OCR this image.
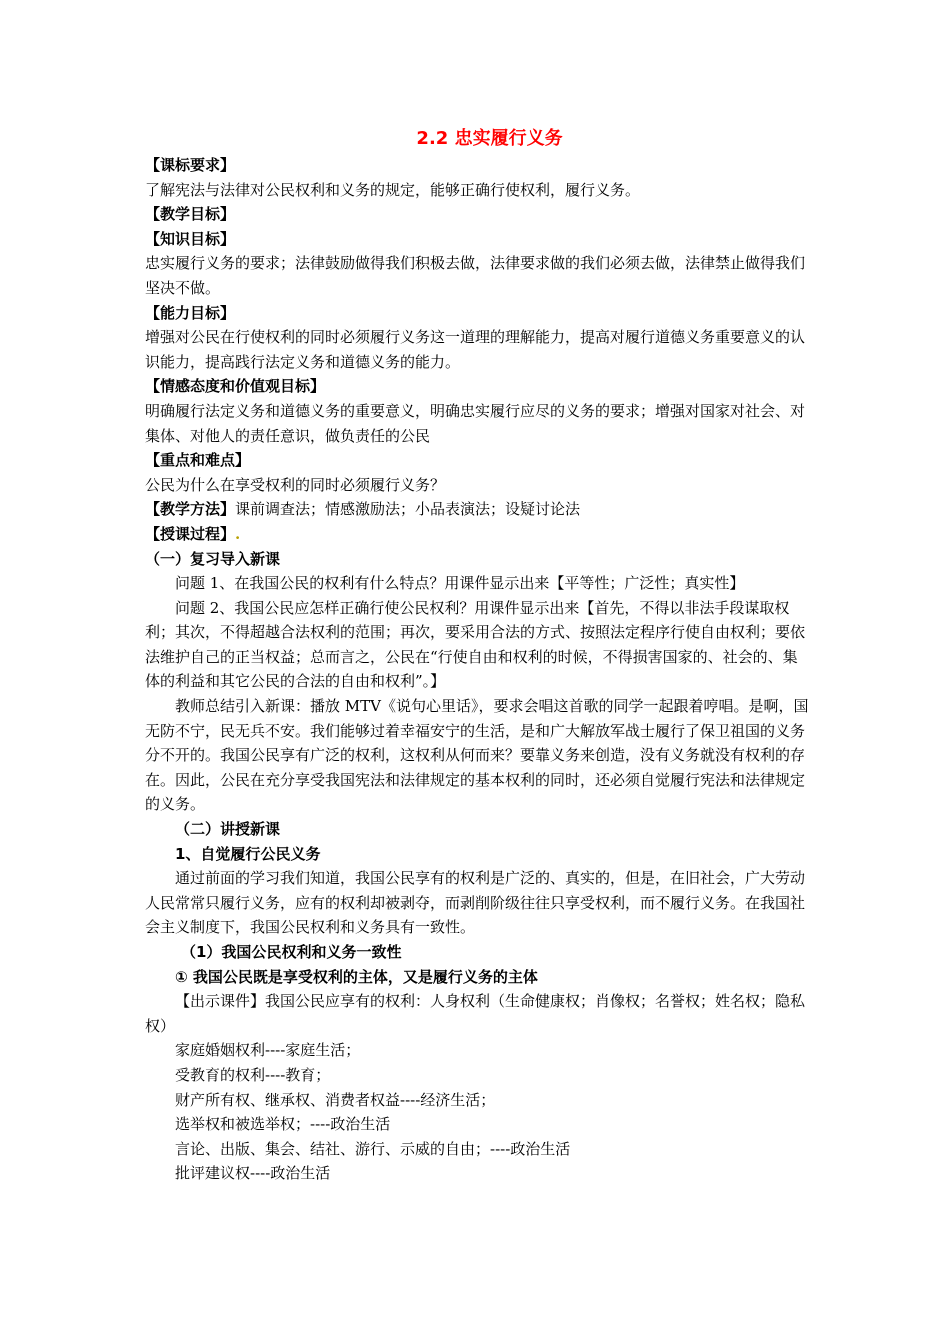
2.2 忠实履行义务

【课标要求】

了解宪法与法律对公民权利和义务的规定，能够正确行使权利，履行义务。

【教学目标】

【知识目标】

忠实履行义务的要求；法律鼓励做得我们积极去做，法律要求做的我们必须去做，法律禁止做得我们坚决不做。

【能力目标】

增强对公民在行使权利的同时必须履行义务这一道理的理解能力，提高对履行道德义务重要意义的认识能力，提高践行法定义务和道德义务的能力。

【情感态度和价值观目标】

明确履行法定义务和道德义务的重要意义，明确忠实履行应尽的义务的要求；增强对国家对社会、对集体、对他人的责任意识，做负责任的公民

【重点和难点】

公民为什么在享受权利的同时必须履行义务？

【教学方法】课前调查法；情感激励法；小品表演法；设疑讨论法

【授课过程】.

（一）复习导入新课

问题 1、在我国公民的权利有什么特点？用课件显示出来【平等性；广泛性；真实性】

问题 2、我国公民应怎样正确行使公民权利？用课件显示出来【首先，不得以非法手段谋取权利；其次，不得超越合法权利的范围；再次，要采用合法的方式、按照法定程序行使自由权利；要依法维护自己的正当权益；总而言之，公民在“行使自由和权利的时候，不得损害国家的、社会的、集体的利益和其它公民的合法的自由和权利”。】

教师总结引入新课：播放 MTV《说句心里话》，要求会唱这首歌的同学一起跟着哼唱。是啊，国无防不宁，民无兵不安。我们能够过着幸福安宁的生活，是和广大解放军战士履行了保卫祖国的义务分不开的。我国公民享有广泛的权利，这权利从何而来？要靠义务来创造，没有义务就没有权利的存在。因此，公民在充分享受我国宪法和法律规定的基本权利的同时，还必须自觉履行宪法和法律规定的义务。

（二）讲授新课

1、自觉履行公民义务

通过前面的学习我们知道，我国公民享有的权利是广泛的、真实的，但是，在旧社会，广大劳动人民常常只履行义务，应有的权利却被剥夺，而剥削阶级往往只享受权利，而不履行义务。在我国社会主义制度下，我国公民权利和义务具有一致性。

（1）我国公民权利和义务一致性

① 我国公民既是享受权利的主体，又是履行义务的主体

【出示课件】我国公民应享有的权利：人身权利（生命健康权；肖像权；名誉权；姓名权；隐私权）

家庭婚姻权利----家庭生活；

受教育的权利----教育；

财产所有权、继承权、消费者权益----经济生活；

选举权和被选举权；----政治生活

言论、出版、集会、结社、游行、示威的自由；----政治生活

批评建议权----政治生活
